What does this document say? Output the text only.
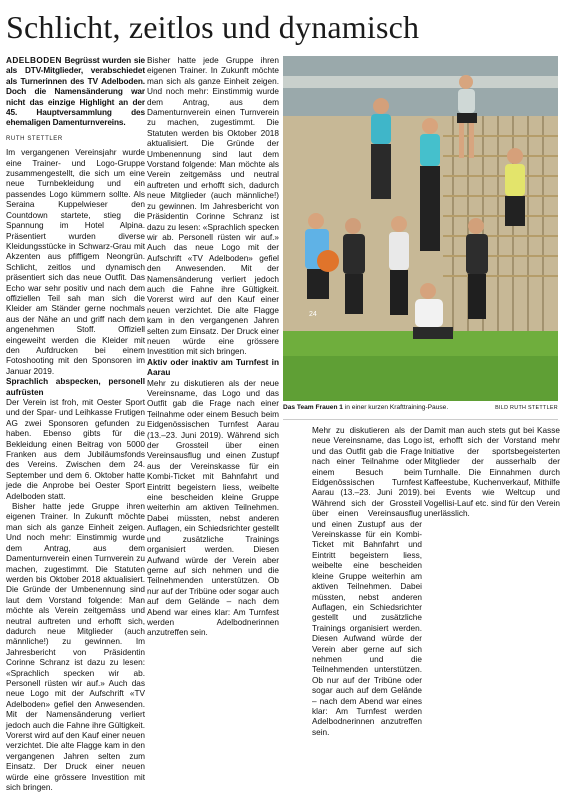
Schlicht, zeitlos und dynamisch

ADELBODEN Begrüsst wurden sie als DTV-Mitglieder, verabschiedet als Turnerinnen des TV Adelboden. Doch die Namensänderung war nicht das einzige Highlight an der 45. Hauptversammlung des ehemaligen Damenturnvereins.

RUTH STETTLER

Im vergangenen Vereinsjahr wurde eine Trainer- und Logo-Gruppe zusammengestellt, die sich um eine neue Turnbekleidung und ein passendes Logo kümmern sollte. Als Seraina Kuppelwieser den Countdown startete, stieg die Spannung im Hotel Alpina. Präsentiert wurden diverse Kleidungsstücke in Schwarz-Grau mit Akzenten aus pfiffigem Neongrün. Schlicht, zeitlos und dynamisch präsentiert sich das neue Outfit. Das Echo war sehr positiv und nach dem offiziellen Teil sah man sich die Kleider am Ständer gerne nochmals aus der Nähe an und griff nach dem angenehmen Stoff. Offiziell eingeweiht werden die Kleider mit den Aufdrucken bei einem Fotoshooting mit den Sponsoren im Januar 2019.

Sprachlich abspecken, personell aufrüsten

Der Verein ist froh, mit Oester Sport und der Spar- und Leihkasse Frutigen AG zwei Sponsoren gefunden zu haben. Ebenso gibts für die Bekleidung einen Beitrag von 5000 Franken aus dem Jubiläumsfonds des Vereins. Zwischen dem 24. September und dem 6. Oktober hatte jede die Anprobe bei Oester Sport Adelboden statt.

Bisher hatte jede Gruppe ihren eigenen Trainer. In Zukunft möchte man sich als ganze Einheit zeigen. Und noch mehr: Einstimmig wurde dem Antrag, aus dem Damenturnverein einen Turnverein zu machen, zugestimmt. Die Statuten werden bis Oktober 2018 aktualisiert. Die Gründe der Umbenennung sind laut dem Vorstand folgende: Man möchte als Verein zeitgemäss und neutral auftreten und erhofft sich, dadurch neue Mitglieder (auch männliche!) zu gewinnen. Im Jahresbericht von Präsidentin Corinne Schranz ist dazu zu lesen: «Sprachlich specken wir ab. Personell rüsten wir auf.» Auch das neue Logo mit der Aufschrift «TV Adelboden» gefiel den Anwesenden. Mit der Namensänderung verliert jedoch auch die Fahne ihre Gültigkeit. Vorerst wird auf den Kauf einer neuen verzichtet. Die alte Flagge kam in den vergangenen Jahren selten zum Einsatz. Der Druck einer neuen würde eine grössere Investition mit sich bringen.

Bisher hatte jede Gruppe ihren eigenen Trainer. In Zukunft möchte man sich als ganze Einheit zeigen. Und noch mehr: Einstimmig wurde dem Antrag, aus dem Damenturnverein einen Turnverein zu machen, zugestimmt. Die Statuten werden bis Oktober 2018 aktualisiert. Die Gründe der Umbenennung sind laut dem Vorstand folgende: Man möchte als Verein zeitgemäss und neutral auftreten und erhofft sich, dadurch neue Mitglieder (auch männliche!) zu gewinnen. Im Jahresbericht von Präsidentin Corinne Schranz ist dazu zu lesen: «Sprachlich specken wir ab. Personell rüsten wir auf.» Auch das neue Logo mit der Aufschrift «TV Adelboden» gefiel den Anwesenden. Mit der Namensänderung verliert jedoch auch die Fahne ihre Gültigkeit. Vorerst wird auf den Kauf einer neuen verzichtet. Die alte Flagge kam in den vergangenen Jahren selten zum Einsatz. Der Druck einer neuen würde eine grössere Investition mit sich bringen.

Aktiv oder inaktiv am Turnfest in Aarau

Mehr zu diskutieren als der neue Vereinsname, das Logo und das Outfit gab die Frage nach einer Teilnahme oder einem Besuch beim Eidgenössischen Turnfest Aarau (13.–23. Juni 2019). Während sich der Grossteil über einen Vereinsausflug und einen Zustupf aus der Vereinskasse für ein Kombi-Ticket mit Bahnfahrt und Eintritt begeistern liess, weibelte eine bescheiden kleine Gruppe weiterhin am aktiven Teilnehmen. Dabei müssten, nebst anderen Auflagen, ein Schiedsrichter gestellt und zusätzliche Trainings organisiert werden. Diesen Aufwand würde der Verein aber gerne auf sich nehmen und die Teilnehmenden unterstützen. Ob nur auf der Tribüne oder sogar auch auf dem Gelände – nach dem Abend war eines klar: Am Turnfest werden Adelbodnerinnen anzutreffen sein.

24
Das Team Frauen 1 in einer kurzen Krafttraining-Pause.	BILD RUTH STETTLER

Mehr zu diskutieren als der neue Vereinsname, das Logo und das Outfit gab die Frage nach einer Teilnahme oder einem Besuch beim Eidgenössischen Turnfest Aarau (13.–23. Juni 2019). Während sich der Grossteil über einen Vereinsausflug und einen Zustupf aus der Vereinskasse für ein Kombi-Ticket mit Bahnfahrt und Eintritt begeistern liess, weibelte eine bescheiden kleine Gruppe weiterhin am aktiven Teilnehmen. Dabei müssten, nebst anderen Auflagen, ein Schiedsrichter gestellt und zusätzliche Trainings organisiert werden. Diesen Aufwand würde der Verein aber gerne auf sich nehmen und die Teilnehmenden unterstützen. Ob nur auf der Tribüne oder sogar auch auf dem Gelände – nach dem Abend war eines klar: Am Turnfest werden Adelbodnerinnen anzutreffen sein.

Damit man auch stets gut bei Kasse ist, erhofft sich der Vorstand mehr Initiative der sportsbegeisterten Mitglieder der ausserhalb der Turnhalle. Die Einnahmen durch Kaffeestube, Kuchenverkauf, Mithilfe bei Events wie Weltcup und Vogellisi-Lauf etc. sind für den Verein unerlässlich.
